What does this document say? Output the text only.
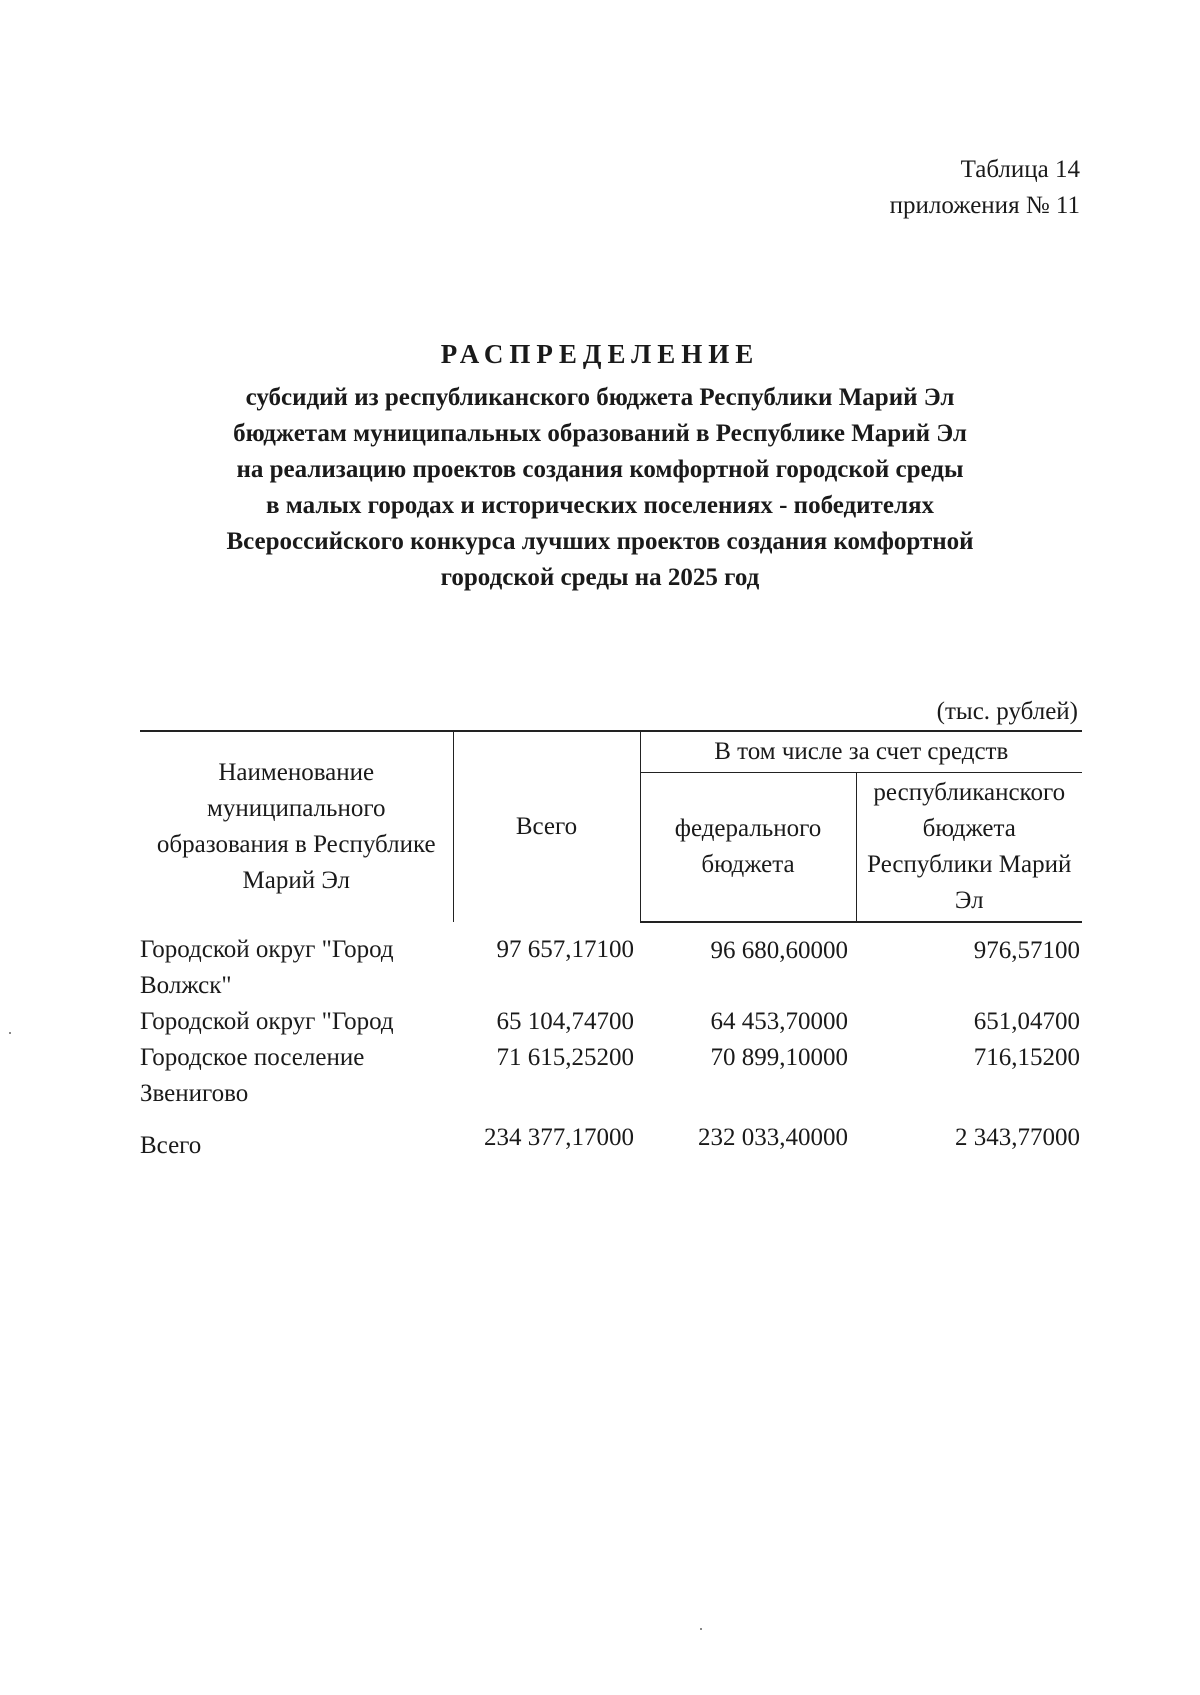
Таблица 14
приложения № 11
РАСПРЕДЕЛЕНИЕ
субсидий из республиканского бюджета Республики Марий Эл
бюджетам муниципальных образований в Республике Марий Эл
на реализацию проектов создания комфортной городской среды
в малых городах и исторических поселениях - победителях
Всероссийского конкурса лучших проектов создания комфортной
городской среды на 2025 год
(тыс. рублей)
Наименование муниципального образования в Республике Марий Эл	Всего	В том числе за счет средств	
		федерального бюджета	республиканского бюджета Республики Марий Эл
Городской округ "Город Волжск"	97 657,17100	96 680,60000	976,57100
Городской округ "Город	65 104,74700	64 453,70000	651,04700
Городское поселение Звенигово	71 615,25200	70 899,10000	716,15200
Всего	234 377,17000	232 033,40000	2 343,77000
